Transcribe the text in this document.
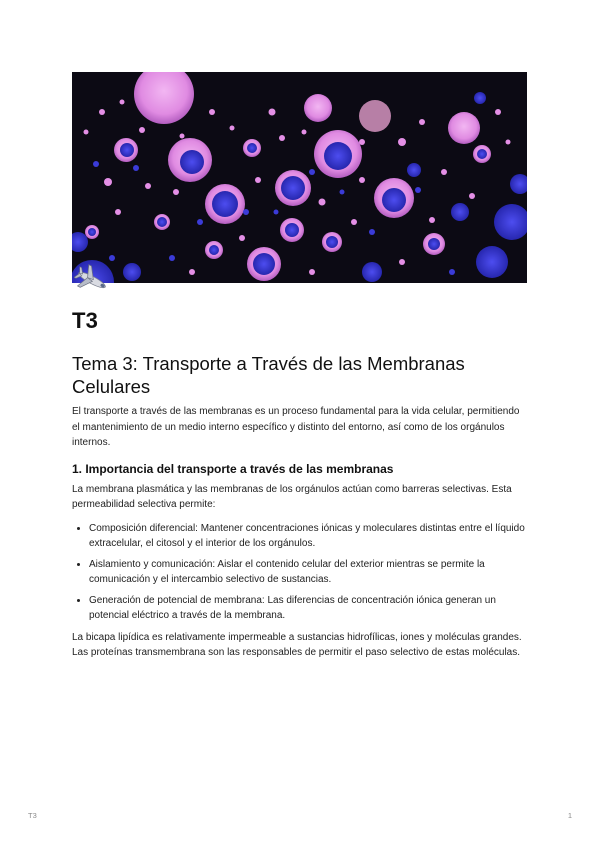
T3
Tema 3: Transporte a Través de las Membranas Celulares

El transporte a través de las membranas es un proceso fundamental para la vida celular, permitiendo el mantenimiento de un medio interno específico y distinto del entorno, así como de los orgánulos internos.

1. Importancia del transporte a través de las membranas

La membrana plasmática y las membranas de los orgánulos actúan como barreras selectivas. Esta permeabilidad selectiva permite:

• Composición diferencial: Mantener concentraciones iónicas y moleculares distintas entre el líquido extracelular, el citosol y el interior de los orgánulos.
• Aislamiento y comunicación: Aislar el contenido celular del exterior mientras se permite la comunicación y el intercambio selectivo de sustancias.
• Generación de potencial de membrana: Las diferencias de concentración iónica generan un potencial eléctrico a través de la membrana.

La bicapa lipídica es relativamente impermeable a sustancias hidrofílicas, iones y moléculas grandes. Las proteínas transmembrana son las responsables de permitir el paso selectivo de estas moléculas.

T3	1
